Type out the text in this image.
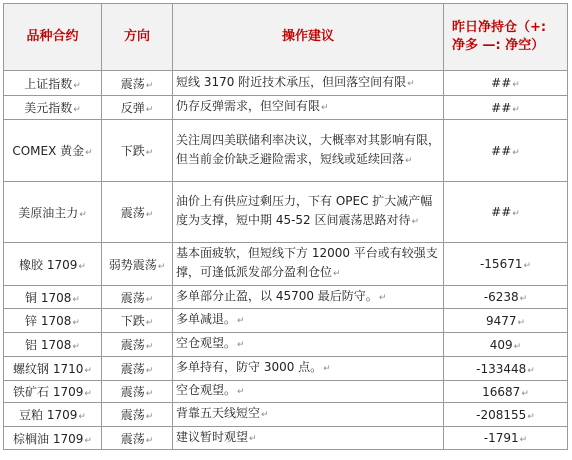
品种合约	方向	操作建议	昨日净持仓（+:
净多 —: 净空）

上证指数↵	震荡↵	短线 3170 附近技术承压，但回落空间有限↵	##↵
美元指数↵	反弹↵	仍存反弹需求，但空间有限↵	##↵
COMEX 黄金↵	下跌↵	关注周四美联储利率决议，大概率对其影响有限，但当前金价缺乏避险需求，短线或延续回落↵	##↵
美原油主力↵	震荡↵	油价上有供应过剩压力，下有 OPEC 扩大减产幅度为支撑，短中期 45-52 区间震荡思路对待↵	##↵
橡胶 1709↵	弱势震荡↵	基本面疲软，但短线下方 12000 平台或有较强支撑，可逢低派发部分盈利仓位↵	-15671↵
铜 1708↵	震荡↵	多单部分止盈，以 45700 最后防守。↵	-6238↵
锌 1708↵	下跌↵	多单减退。↵	9477↵
铝 1708↵	震荡↵	空仓观望。↵	409↵
螺纹钢 1710↵	震荡↵	多单持有，防守 3000 点。↵	-133448↵
铁矿石 1709↵	震荡↵	空仓观望。↵	16687↵
豆粕 1709↵	震荡↵	背靠五天线短空↵	-208155↵
棕榈油 1709↵	震荡↵	建议暂时观望↵	-1791↵
